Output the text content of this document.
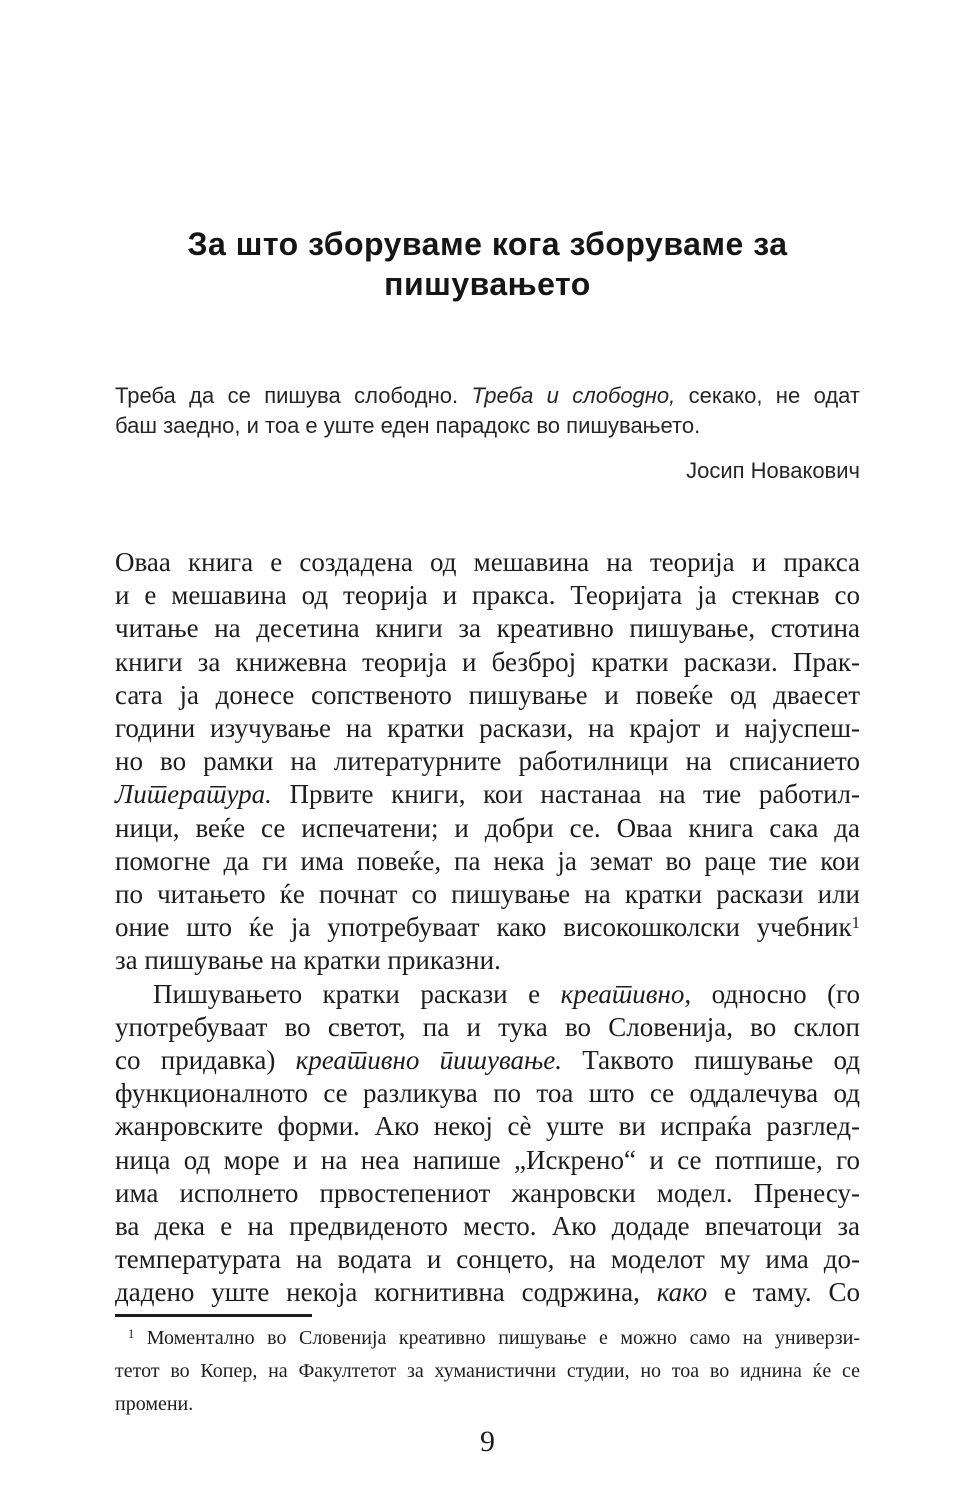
За што зборуваме кога зборуваме за
пишувањето
Треба да се пишува слободно. Треба и слободно, секако, не одат
баш заедно, и тоа е уште еден парадокс во пишувањето.
Јосип Новакович
Оваа книга е создадена од мешавина на теорија и пракса
и е мешавина од теорија и пракса. Теоријата ја стекнав со
читање на десетина книги за креативно пишување, стотина
книги за книжевна теорија и безброј кратки раскази. Прак-
сата ја донесе сопственото пишување и повеќе од дваесет
години изучување на кратки раскази, на крајот и најуспеш-
но во рамки на литературните работилници на списанието
Литература. Првите книги, кои настанаа на тие работил-
ници, веќе се испечатени; и добри се. Оваа книга сака да
помогне да ги има повеќе, па нека ја земат во раце тие кои
по читањето ќе почнат со пишување на кратки раскази или
оние што ќе ја употребуваат како високошколски учебник$^1$
за пишување на кратки приказни.
Пишувањето кратки раскази е креативно, односно (го
употребуваат во светот, па и тука во Словенија, во склоп
со придавка) креативно пишување. Таквото пишување од
функционалното се разликува по тоа што се оддалечува од
жанровските форми. Ако некој сѐ уште ви испраќа разглед-
ница од море и на неа напише „Искрено“ и се потпише, го
има исполнето првостепениот жанровски модел. Пренесу-
ва дека е на предвиденото место. Ако додаде впечатоци за
температурата на водата и сонцето, на моделот му има до-
дадено уште некоја когнитивна содржина, како е таму. Со
$^1$ Моментално во Словенија креативно пишување е можно само на универзи-
тетот во Копер, на Факултетот за хуманистични студии, но тоа во иднина ќе се
промени.
9
